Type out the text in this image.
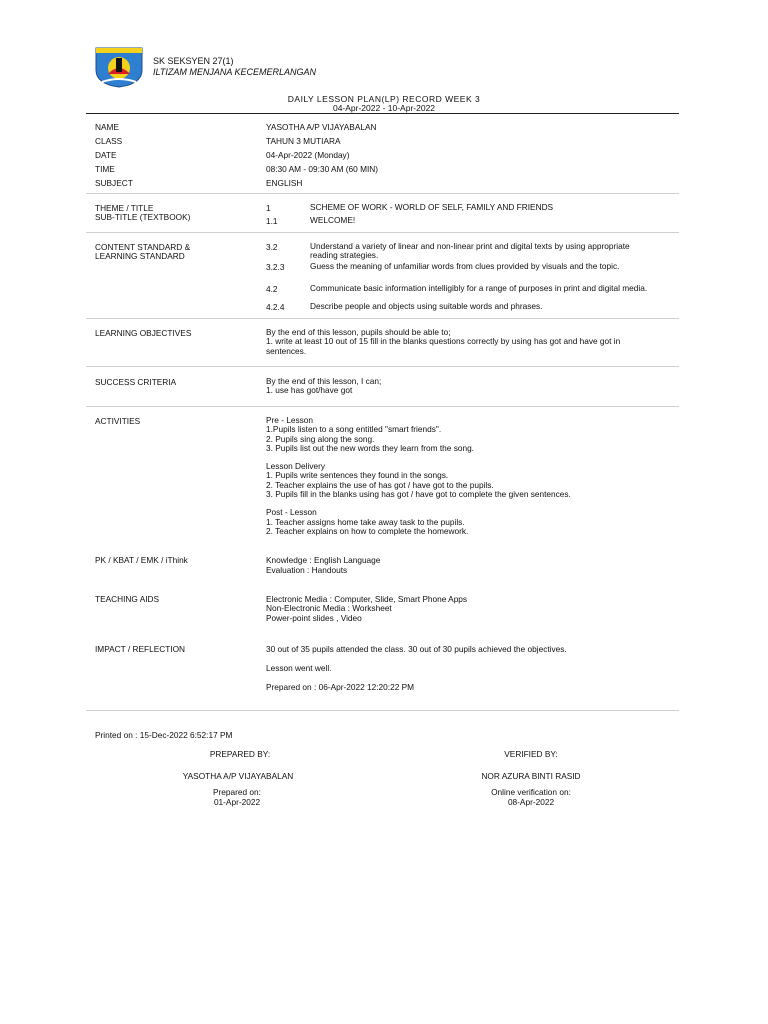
SK SEKSYEN 27(1)
ILTIZAM MENJANA KECEMERLANGAN
DAILY LESSON PLAN(LP) RECORD WEEK 3
04-Apr-2022 - 10-Apr-2022
NAME	YASOTHA A/P VIJAYABALAN
CLASS	TAHUN 3 MUTIARA
DATE	04-Apr-2022 (Monday)
TIME	08:30 AM - 09:30 AM (60 MIN)
SUBJECT	ENGLISH
THEME / TITLE
SUB-TITLE (TEXTBOOK)
1	SCHEME OF WORK - WORLD OF SELF, FAMILY AND FRIENDS
1.1	WELCOME!
CONTENT STANDARD &
LEARNING STANDARD
3.2	Understand a variety of linear and non-linear print and digital texts by using appropriate reading strategies.
3.2.3	Guess the meaning of unfamiliar words from clues provided by visuals and the topic.
4.2	Communicate basic information intelligibly for a range of purposes in print and digital media.
4.2.4	Describe people and objects using suitable words and phrases.
LEARNING OBJECTIVES	By the end of this lesson, pupils should be able to;

1. write at least 10 out of 15 fill in the blanks questions correctly by using has got and have got in sentences.

SUCCESS CRITERIA	By the end of this lesson, I can;

1. use has got/have got

ACTIVITIES	Pre - Lesson

1.Pupils listen to a song entitled "smart friends".

2. Pupils sing along the song.

3. Pupils list out the new words they learn from the song.

Lesson Delivery

1. Pupils write sentences they found in the songs.

2. Teacher explains the use of has got / have got to the pupils.

3. Pupils fill in the blanks using has got / have got to complete the given sentences.

Post - Lesson

1. Teacher assigns home take away task to the pupils.

2. Teacher explains on how to complete the homework.

PK / KBAT / EMK / iThink	Knowledge : English Language

Evaluation : Handouts

TEACHING AIDS	Electronic Media : Computer, Slide, Smart Phone Apps

Non-Electronic Media : Worksheet

Power-point slides , Video

IMPACT / REFLECTION	30 out of 35 pupils attended the class. 30 out of 30 pupils achieved the objectives.
Lesson went well.
Prepared on : 06-Apr-2022 12:20:22 PM
Printed on : 15-Dec-2022 6:52:17 PM
PREPARED BY:	VERIFIED BY:
YASOTHA A/P VIJAYABALAN	NOR AZURA BINTI RASID
Prepared on:
01-Apr-2022
Online verification on:
08-Apr-2022
